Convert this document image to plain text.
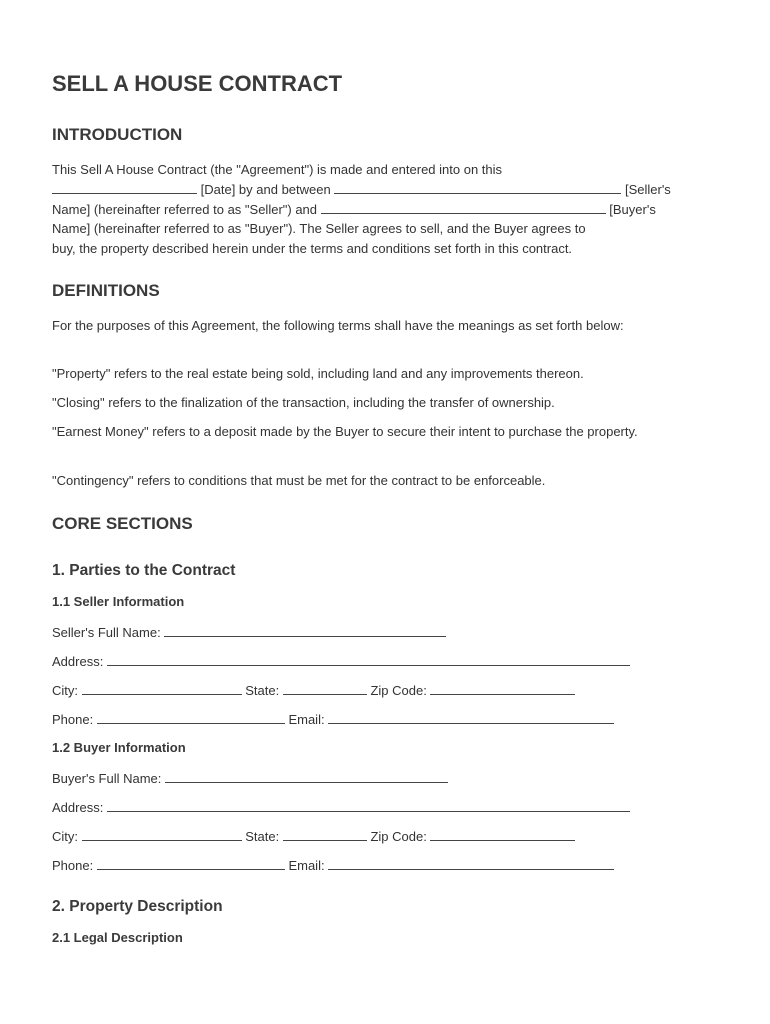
SELL A HOUSE CONTRACT
INTRODUCTION
This Sell A House Contract (the "Agreement") is made and entered into on this
[Date] by and between	[Seller's
Name] (hereinafter referred to as "Seller") and	[Buyer's
Name] (hereinafter referred to as "Buyer"). The Seller agrees to sell, and the Buyer agrees to
buy, the property described herein under the terms and conditions set forth in this contract.
DEFINITIONS

For the purposes of this Agreement, the following terms shall have the meanings as set forth below:

"Property" refers to the real estate being sold, including land and any improvements thereon.

"Closing" refers to the finalization of the transaction, including the transfer of ownership.

"Earnest Money" refers to a deposit made by the Buyer to secure their intent to purchase the property.

"Contingency" refers to conditions that must be met for the contract to be enforceable.

CORE SECTIONS
1. Parties to the Contract
1.1 Seller Information
Seller's Full Name:
Address:
City:	State:	Zip Code:
Phone:	Email:
1.2 Buyer Information
Buyer's Full Name:
Address:
City:	State:	Zip Code:
Phone:	Email:
2. Property Description
2.1 Legal Description
